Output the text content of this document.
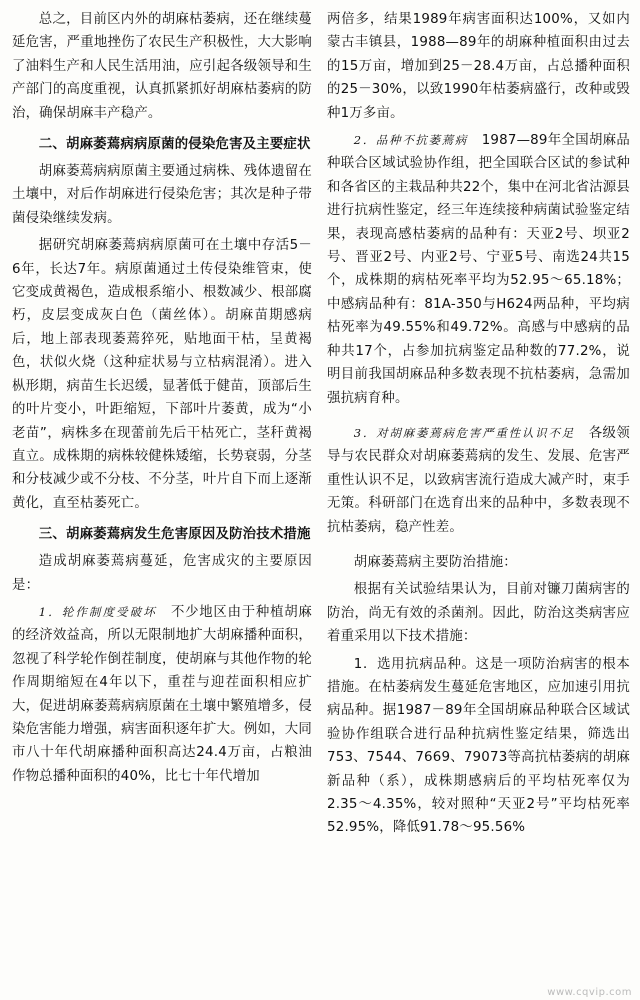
总之，目前区内外的胡麻枯萎病，还在继续蔓延危害，严重地挫伤了农民生产积极性，大大影响了油料生产和人民生活用油，应引起各级领导和生产部门的高度重视，认真抓紧抓好胡麻枯萎病的防治，确保胡麻丰产稳产。

二、胡麻萎蔫病病原菌的侵染危害及主要症状

胡麻萎蔫病病原菌主要通过病株、残体遗留在土壤中，对后作胡麻进行侵染危害；其次是种子带菌侵染继续发病。

据研究胡麻萎蔫病病原菌可在土壤中存活5－6年，长达7年。病原菌通过土传侵染维管束，使它变成黄褐色，造成根系缩小、根数减少、根部腐朽，皮层变成灰白色（菌丝体）。胡麻苗期感病后，地上部表现萎蔫猝死，贴地面干枯，呈黄褐色，状似火烧（这种症状易与立枯病混淆）。进入枞形期，病苗生长迟缓，显著低于健苗，顶部后生的叶片变小，叶距缩短，下部叶片萎黄，成为“小老苗”，病株多在现蕾前先后干枯死亡，茎秆黄褐直立。成株期的病株较健株矮缩，长势衰弱，分茎和分枝减少或不分枝、不分茎，叶片自下而上逐渐黄化，直至枯萎死亡。

三、胡麻萎蔫病发生危害原因及防治技术措施

造成胡麻萎蔫病蔓延，危害成灾的主要原因是：

1．轮作制度受破坏　 不少地区由于种植胡麻的经济效益高，所以无限制地扩大胡麻播种面积，忽视了科学轮作倒茬制度，使胡麻与其他作物的轮作周期缩短在4年以下，重茬与迎茬面积相应扩大，促进胡麻萎蔫病病原菌在土壤中繁殖增多，侵染危害能力增强，病害面积逐年扩大。例如，大同市八十年代胡麻播种面积高达24.4万亩，占粮油作物总播种面积的40%，比七十年代增加

两倍多，结果1989年病害面积达100%，又如内蒙古丰镇县，1988—89年的胡麻种植面积由过去的15万亩，增加到25－28.4万亩，占总播种面积的25－30%，以致1990年枯萎病盛行，改种或毁种1万多亩。

2．品种不抗萎蔫病　 1987—89年全国胡麻品种联合区域试验协作组，把全国联合区试的参试种和各省区的主栽品种共22个，集中在河北省沽源县进行抗病性鉴定，经三年连续接种病菌试验鉴定结果，表现高感枯萎病的品种有：天亚2号、坝亚2号、晋亚2号、内亚2号、宁亚5号、南选24共15个，成株期的病枯死率平均为52.95～65.18%；中感病品种有：81A-350与H624两品种，平均病枯死率为49.55%和49.72%。高感与中感病的品种共17个，占参加抗病鉴定品种数的77.2%，说明目前我国胡麻品种多数表现不抗枯萎病，急需加强抗病育种。

3．对胡麻萎蔫病危害严重性认识不足　 各级领导与农民群众对胡麻萎蔫病的发生、发展、危害严重性认识不足，以致病害流行造成大减产时，束手无策。科研部门在选育出来的品种中，多数表现不抗枯萎病，稳产性差。

胡麻萎蔫病主要防治措施：

根据有关试验结果认为，目前对镰刀菌病害的防治，尚无有效的杀菌剂。因此，防治这类病害应着重采用以下技术措施：

1．选用抗病品种。这是一项防治病害的根本措施。在枯萎病发生蔓延危害地区，应加速引用抗病品种。据1987－89年全国胡麻品种联合区域试验协作组联合进行品种抗病性鉴定结果，筛选出753、7544、7669、79073等高抗枯萎病的胡麻新品种（系），成株期感病后的平均枯死率仅为2.35～4.35%，较对照种“天亚2号”平均枯死率52.95%，降低91.78～95.56%

www.cqvip.com
